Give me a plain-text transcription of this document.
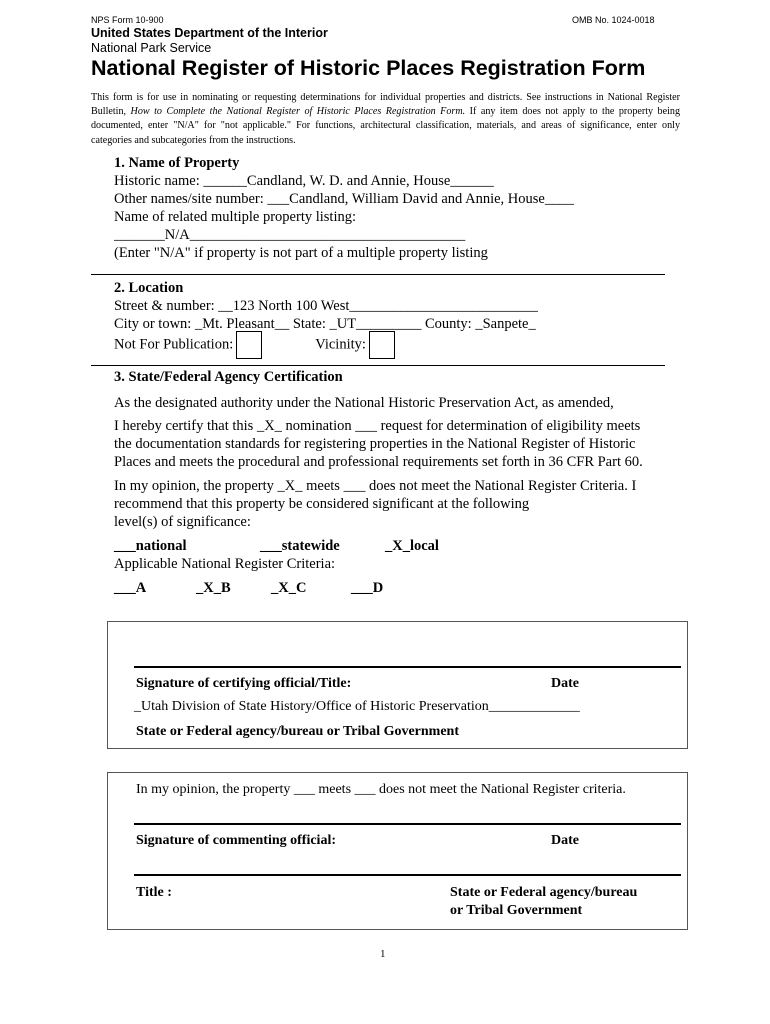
NPS Form 10-900	OMB No. 1024-0018
United States Department of the Interior
National Park Service
National Register of Historic Places Registration Form
This form is for use in nominating or requesting determinations for individual properties and districts. See instructions in National Register Bulletin, How to Complete the National Register of Historic Places Registration Form. If any item does not apply to the property being documented, enter "N/A" for "not applicable." For functions, architectural classification, materials, and areas of significance, enter only categories and subcategories from the instructions.
1. Name of Property
Historic name: ______Candland, W. D. and Annie, House______
Other names/site number: ___Candland, William David and Annie, House____
Name of related multiple property listing:
_______N/A______________________________________
(Enter "N/A" if property is not part of a multiple property listing
2. Location
Street & number: __123 North 100 West__________________________
City or town: _Mt. Pleasant__ State: _UT_________ County: _Sanpete_
Not For Publication:	Vicinity:
3. State/Federal Agency Certification
As the designated authority under the National Historic Preservation Act, as amended,
I hereby certify that this _X_ nomination ___ request for determination of eligibility meets
the documentation standards for registering properties in the National Register of Historic
Places and meets the procedural and professional requirements set forth in 36 CFR Part 60.
In my opinion, the property _X_ meets ___ does not meet the National Register Criteria. I
recommend that this property be considered significant at the following
level(s) of significance:
___national	___statewide	_X_local
Applicable National Register Criteria:
___A	_X_B	_X_C	___D
Signature of certifying official/Title:	Date
_Utah Division of State History/Office of Historic Preservation_____________
State or Federal agency/bureau or Tribal Government
In my opinion, the property ___ meets ___ does not meet the National Register criteria.
Signature of commenting official:	Date
Title :	State or Federal agency/bureau
or Tribal Government
1
